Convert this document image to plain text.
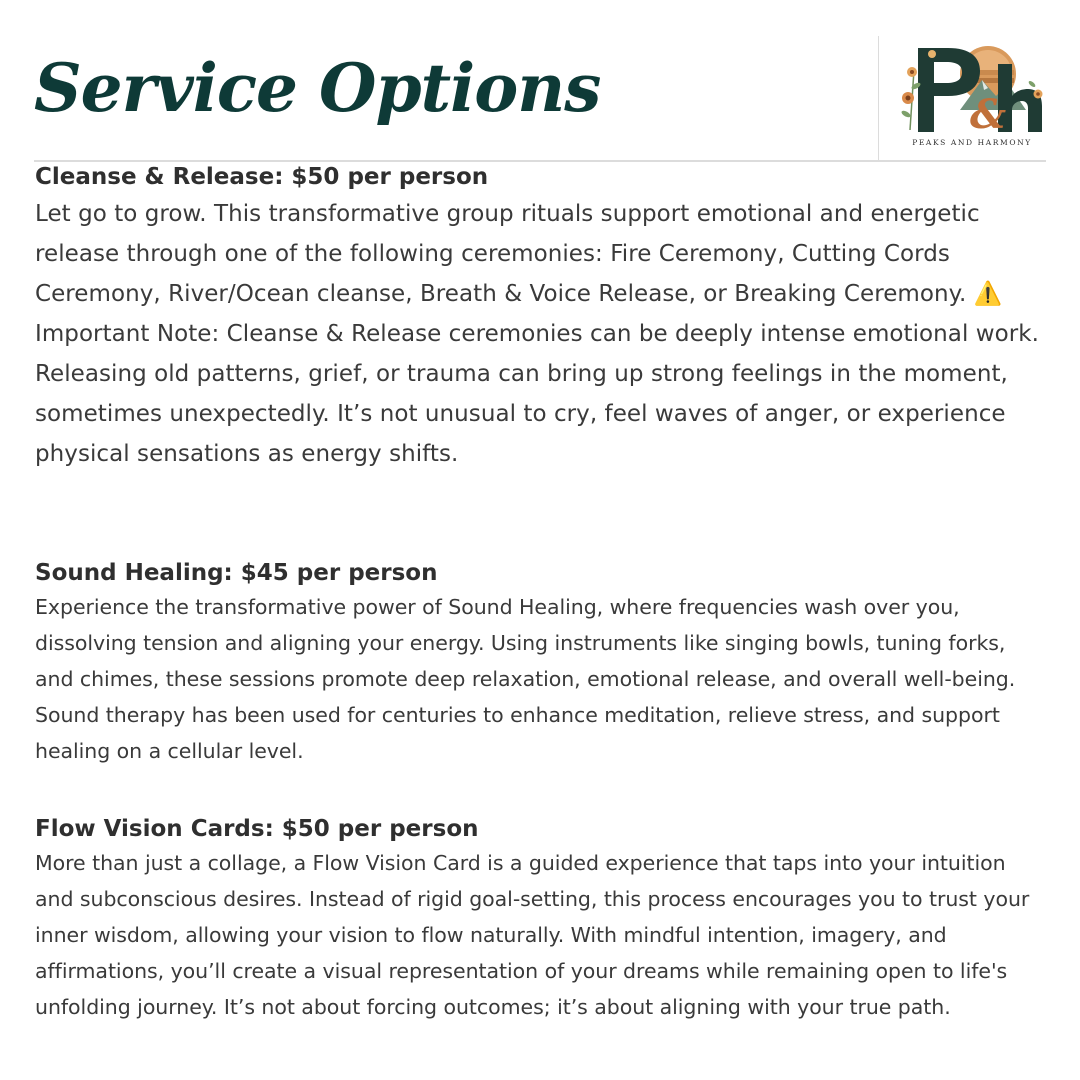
Service Options	&
PEAKS AND HARMONY
Cleanse & Release: $50 per person

Let go to grow. This transformative group rituals support emotional and energetic release through one of the following ceremonies: Fire Ceremony, Cutting Cords Ceremony, River/Ocean cleanse, Breath & Voice Release, or Breaking Ceremony. ⚠️ Important Note: Cleanse & Release ceremonies can be deeply intense emotional work. Releasing old patterns, grief, or trauma can bring up strong feelings in the moment, sometimes unexpectedly. It’s not unusual to cry, feel waves of anger, or experience physical sensations as energy shifts.

Sound Healing: $45 per person

Experience the transformative power of Sound Healing, where frequencies wash over you, dissolving tension and aligning your energy. Using instruments like singing bowls, tuning forks, and chimes, these sessions promote deep relaxation, emotional release, and overall well-being. Sound therapy has been used for centuries to enhance meditation, relieve stress, and support healing on a cellular level.

Flow Vision Cards: $50 per person

More than just a collage, a Flow Vision Card is a guided experience that taps into your intuition and subconscious desires. Instead of rigid goal-setting, this process encourages you to trust your inner wisdom, allowing your vision to flow naturally. With mindful intention, imagery, and affirmations, you’ll create a visual representation of your dreams while remaining open to life's unfolding journey. It’s not about forcing outcomes; it’s about aligning with your true path.
